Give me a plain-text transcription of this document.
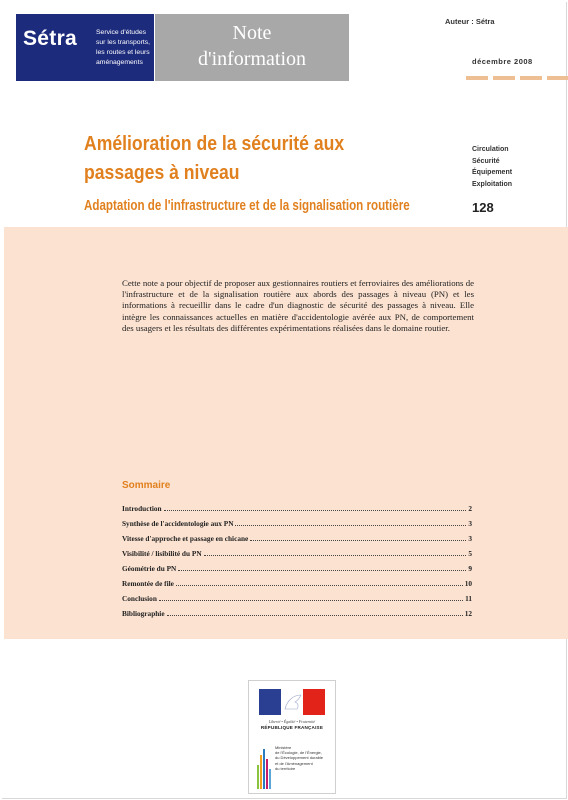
Sétra	Service d'études
sur les transports,
les routes et leurs
aménagements
Note
d'information
Auteur : Sétra
décembre 2008
Amélioration de la sécurité aux
passages à niveau
Adaptation de l'infrastructure et de la signalisation routière
Circulation
Sécurité
Équipement
Exploitation
128
Cette note a pour objectif de proposer aux gestionnaires routiers et ferroviaires des améliorations de l'infrastructure et de la signalisation routière aux abords des passages à niveau (PN) et les informations à recueillir dans le cadre d'un diagnostic de sécurité des passages à niveau. Elle intègre les connaissances actuelles en matière d'accidentologie avérée aux PN, de comportement des usagers et les résultats des différentes expérimentations réalisées dans le domaine routier.
Sommaire
Introduction	2
Synthèse de l'accidentologie aux PN	3
Vitesse d'approche et passage en chicane	3
Visibilité / lisibilité du PN	5
Géométrie du PN	9
Remontée de file	10
Conclusion	11
Bibliographie	12
Liberté • Égalité • Fraternité
RÉPUBLIQUE FRANÇAISE
Ministère
de l'Écologie, de l'Énergie,
du Développement durable
et de l'Aménagement
du territoire
